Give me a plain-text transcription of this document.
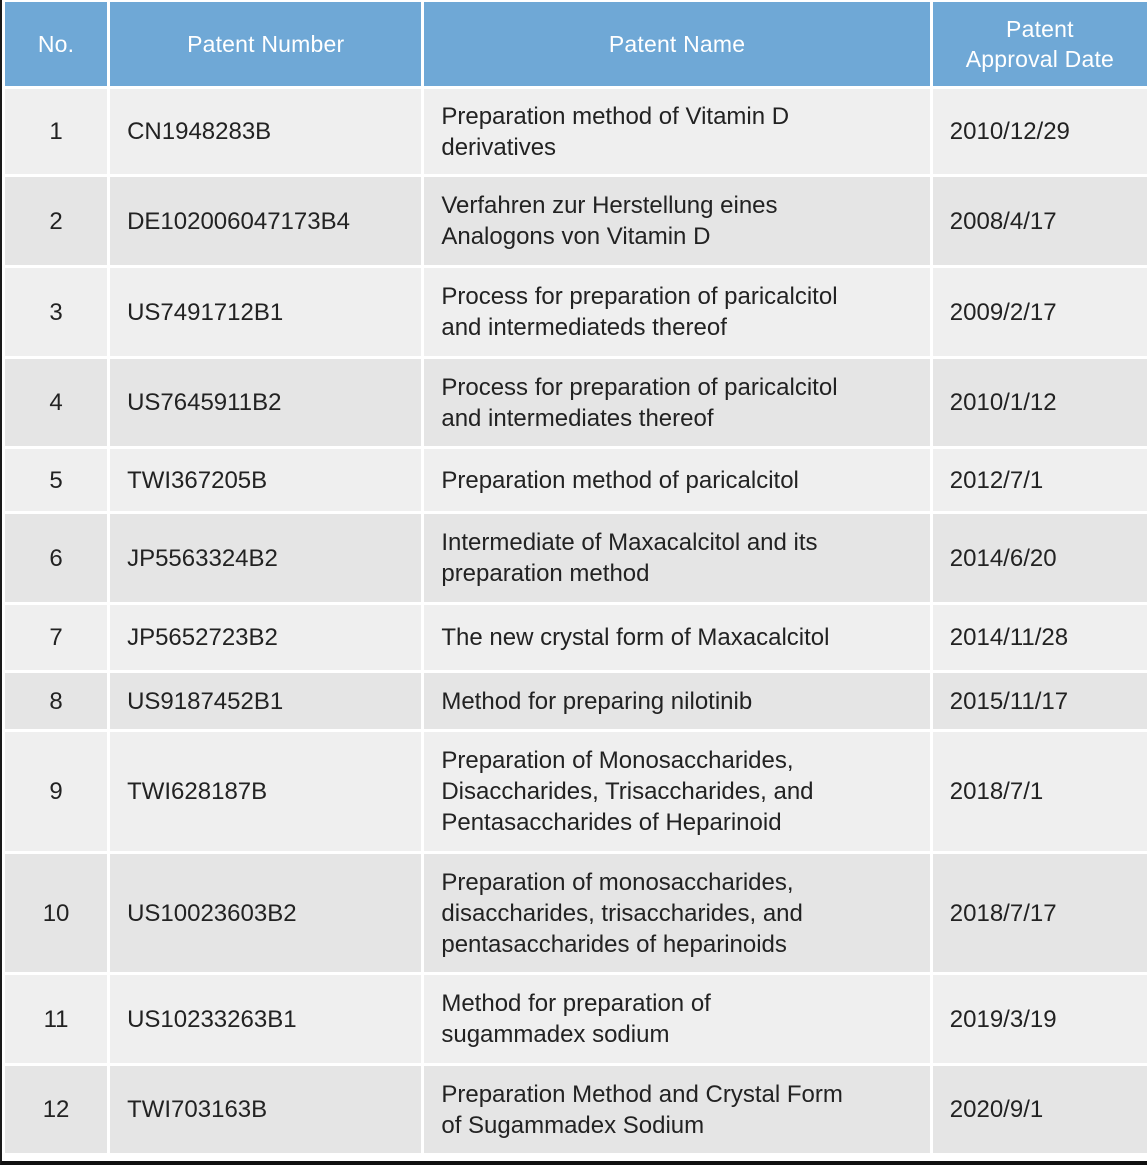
No.	Patent Number	Patent Name	Patent
Approval Date

1	CN1948283B	Preparation method of Vitamin D
derivatives	2010/12/29
2	DE102006047173B4	Verfahren zur Herstellung eines
Analogons von Vitamin D	2008/4/17
3	US7491712B1	Process for preparation of paricalcitol
and intermediateds thereof	2009/2/17
4	US7645911B2	Process for preparation of paricalcitol
and intermediates thereof	2010/1/12
5	TWI367205B	Preparation method of paricalcitol	2012/7/1
6	JP5563324B2	Intermediate of Maxacalcitol and its
preparation method	2014/6/20
7	JP5652723B2	The new crystal form of Maxacalcitol	2014/11/28
8	US9187452B1	Method for preparing nilotinib	2015/11/17
9	TWI628187B	Preparation of Monosaccharides,
Disaccharides, Trisaccharides, and
Pentasaccharides of Heparinoid	2018/7/1
10	US10023603B2	Preparation of monosaccharides,
disaccharides, trisaccharides, and
pentasaccharides of heparinoids	2018/7/17
11	US10233263B1	Method for preparation of
sugammadex sodium	2019/3/19
12	TWI703163B	Preparation Method and Crystal Form
of Sugammadex Sodium	2020/9/1
